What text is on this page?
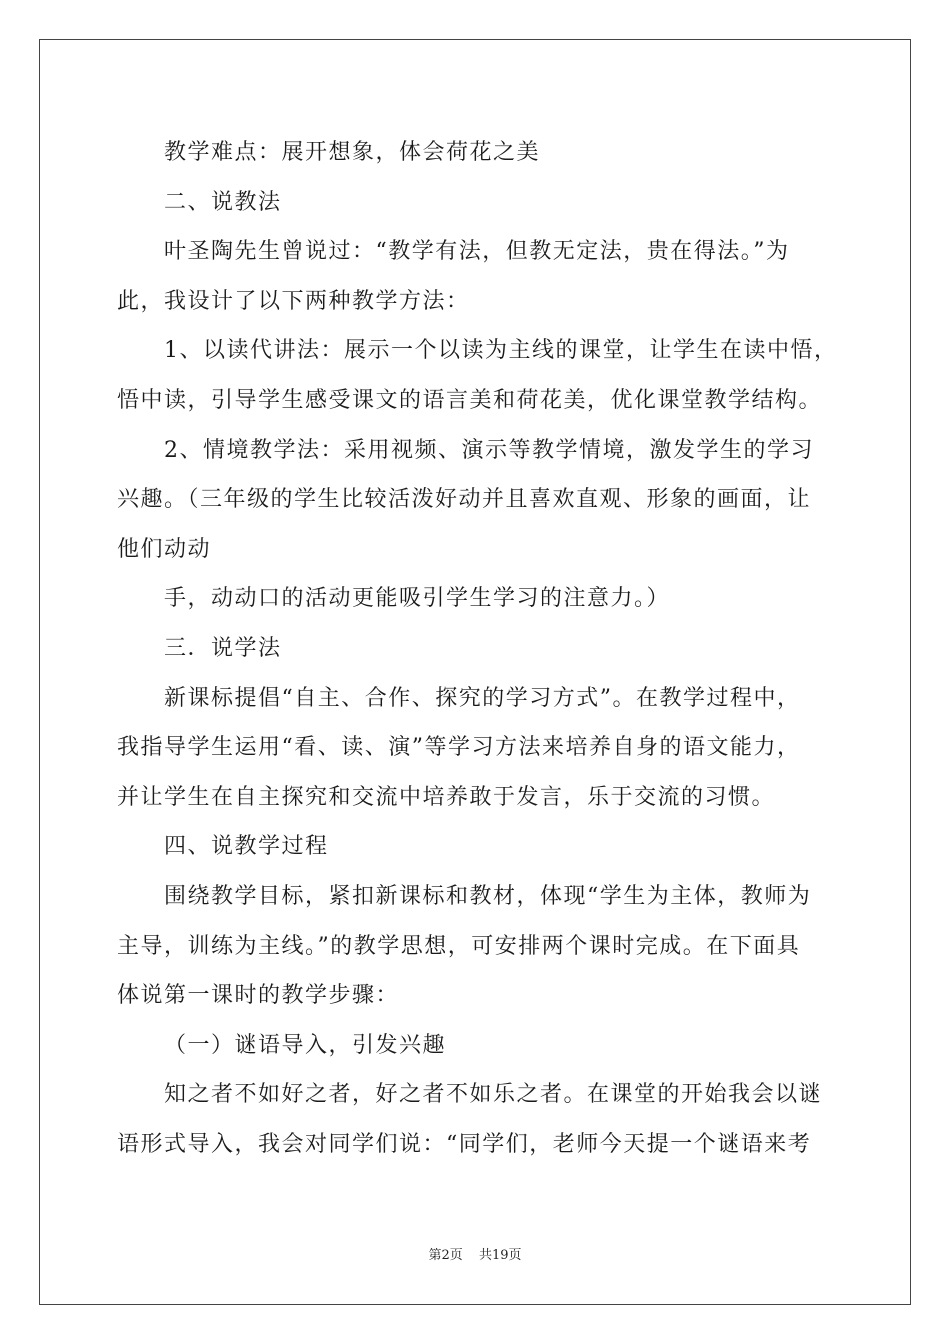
教学难点：展开想象，体会荷花之美
二、说教法
叶圣陶先生曾说过：“教学有法，但教无定法，贵在得法。”为
此，我设计了以下两种教学方法：
1、以读代讲法：展示一个以读为主线的课堂，让学生在读中悟，
悟中读，引导学生感受课文的语言美和荷花美，优化课堂教学结构。
2、情境教学法：采用视频、演示等教学情境，激发学生的学习
兴趣。（三年级的学生比较活泼好动并且喜欢直观、形象的画面，让
他们动动
手，动动口的活动更能吸引学生学习的注意力。）
三．说学法
新课标提倡“自主、合作、探究的学习方式”。在教学过程中，
我指导学生运用“看、读、演”等学习方法来培养自身的语文能力，
并让学生在自主探究和交流中培养敢于发言，乐于交流的习惯。
四、说教学过程
围绕教学目标，紧扣新课标和教材，体现“学生为主体，教师为
主导，训练为主线。”的教学思想，可安排两个课时完成。在下面具
体说第一课时的教学步骤：
（一）谜语导入，引发兴趣
知之者不如好之者，好之者不如乐之者。在课堂的开始我会以谜
语形式导入，我会对同学们说：“同学们，老师今天提一个谜语来考
第2页 共19页
